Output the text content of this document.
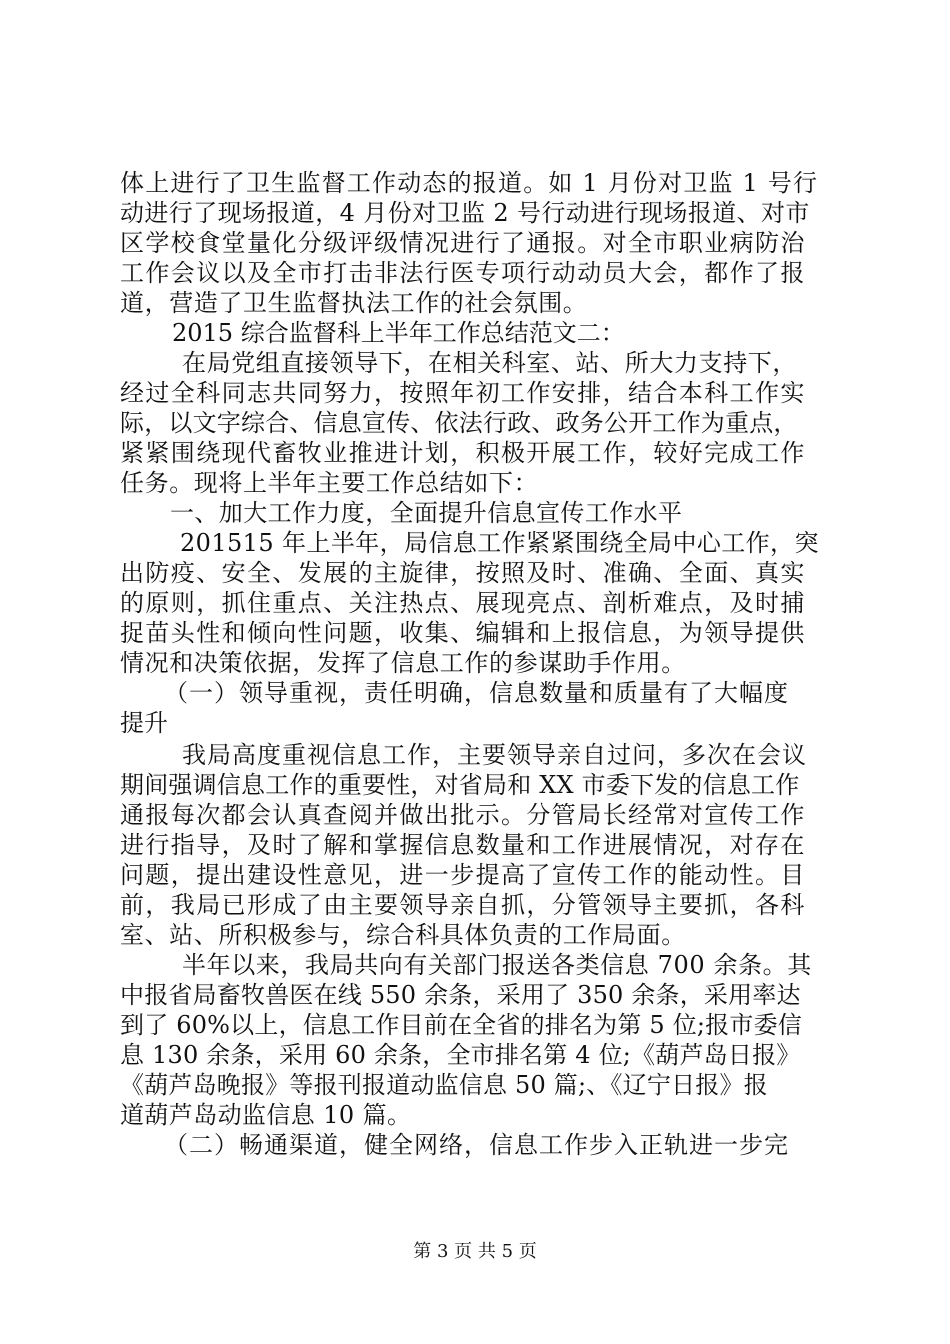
体上进行了卫生监督工作动态的报道。如 1 月份对卫监 1 号行
动进行了现场报道，4 月份对卫监 2 号行动进行现场报道、对市
区学校食堂量化分级评级情况进行了通报。对全市职业病防治
工作会议以及全市打击非法行医专项行动动员大会，都作了报
道，营造了卫生监督执法工作的社会氛围。
2015 综合监督科上半年工作总结范文二：
在局党组直接领导下，在相关科室、站、所大力支持下，
经过全科同志共同努力，按照年初工作安排，结合本科工作实
际，以文字综合、信息宣传、依法行政、政务公开工作为重点，
紧紧围绕现代畜牧业推进计划，积极开展工作，较好完成工作
任务。现将上半年主要工作总结如下：
一、加大工作力度，全面提升信息宣传工作水平
201515 年上半年，局信息工作紧紧围绕全局中心工作，突
出防疫、安全、发展的主旋律，按照及时、准确、全面、真实
的原则，抓住重点、关注热点、展现亮点、剖析难点，及时捕
捉苗头性和倾向性问题，收集、编辑和上报信息，为领导提供
情况和决策依据，发挥了信息工作的参谋助手作用。
（一）领导重视，责任明确，信息数量和质量有了大幅度
提升
我局高度重视信息工作，主要领导亲自过问，多次在会议
期间强调信息工作的重要性，对省局和 XX 市委下发的信息工作
通报每次都会认真查阅并做出批示。分管局长经常对宣传工作
进行指导，及时了解和掌握信息数量和工作进展情况，对存在
问题，提出建设性意见，进一步提高了宣传工作的能动性。目
前，我局已形成了由主要领导亲自抓，分管领导主要抓，各科
室、站、所积极参与，综合科具体负责的工作局面。
半年以来，我局共向有关部门报送各类信息 700 余条。其
中报省局畜牧兽医在线 550 余条，采用了 350 余条，采用率达
到了 60%以上，信息工作目前在全省的排名为第 5 位;报市委信
息 130 余条，采用 60 余条，全市排名第 4 位;《葫芦岛日报》
《葫芦岛晚报》等报刊报道动监信息 50 篇;、《辽宁日报》报
道葫芦岛动监信息 10 篇。
（二）畅通渠道，健全网络，信息工作步入正轨进一步完
第 3 页 共 5 页
